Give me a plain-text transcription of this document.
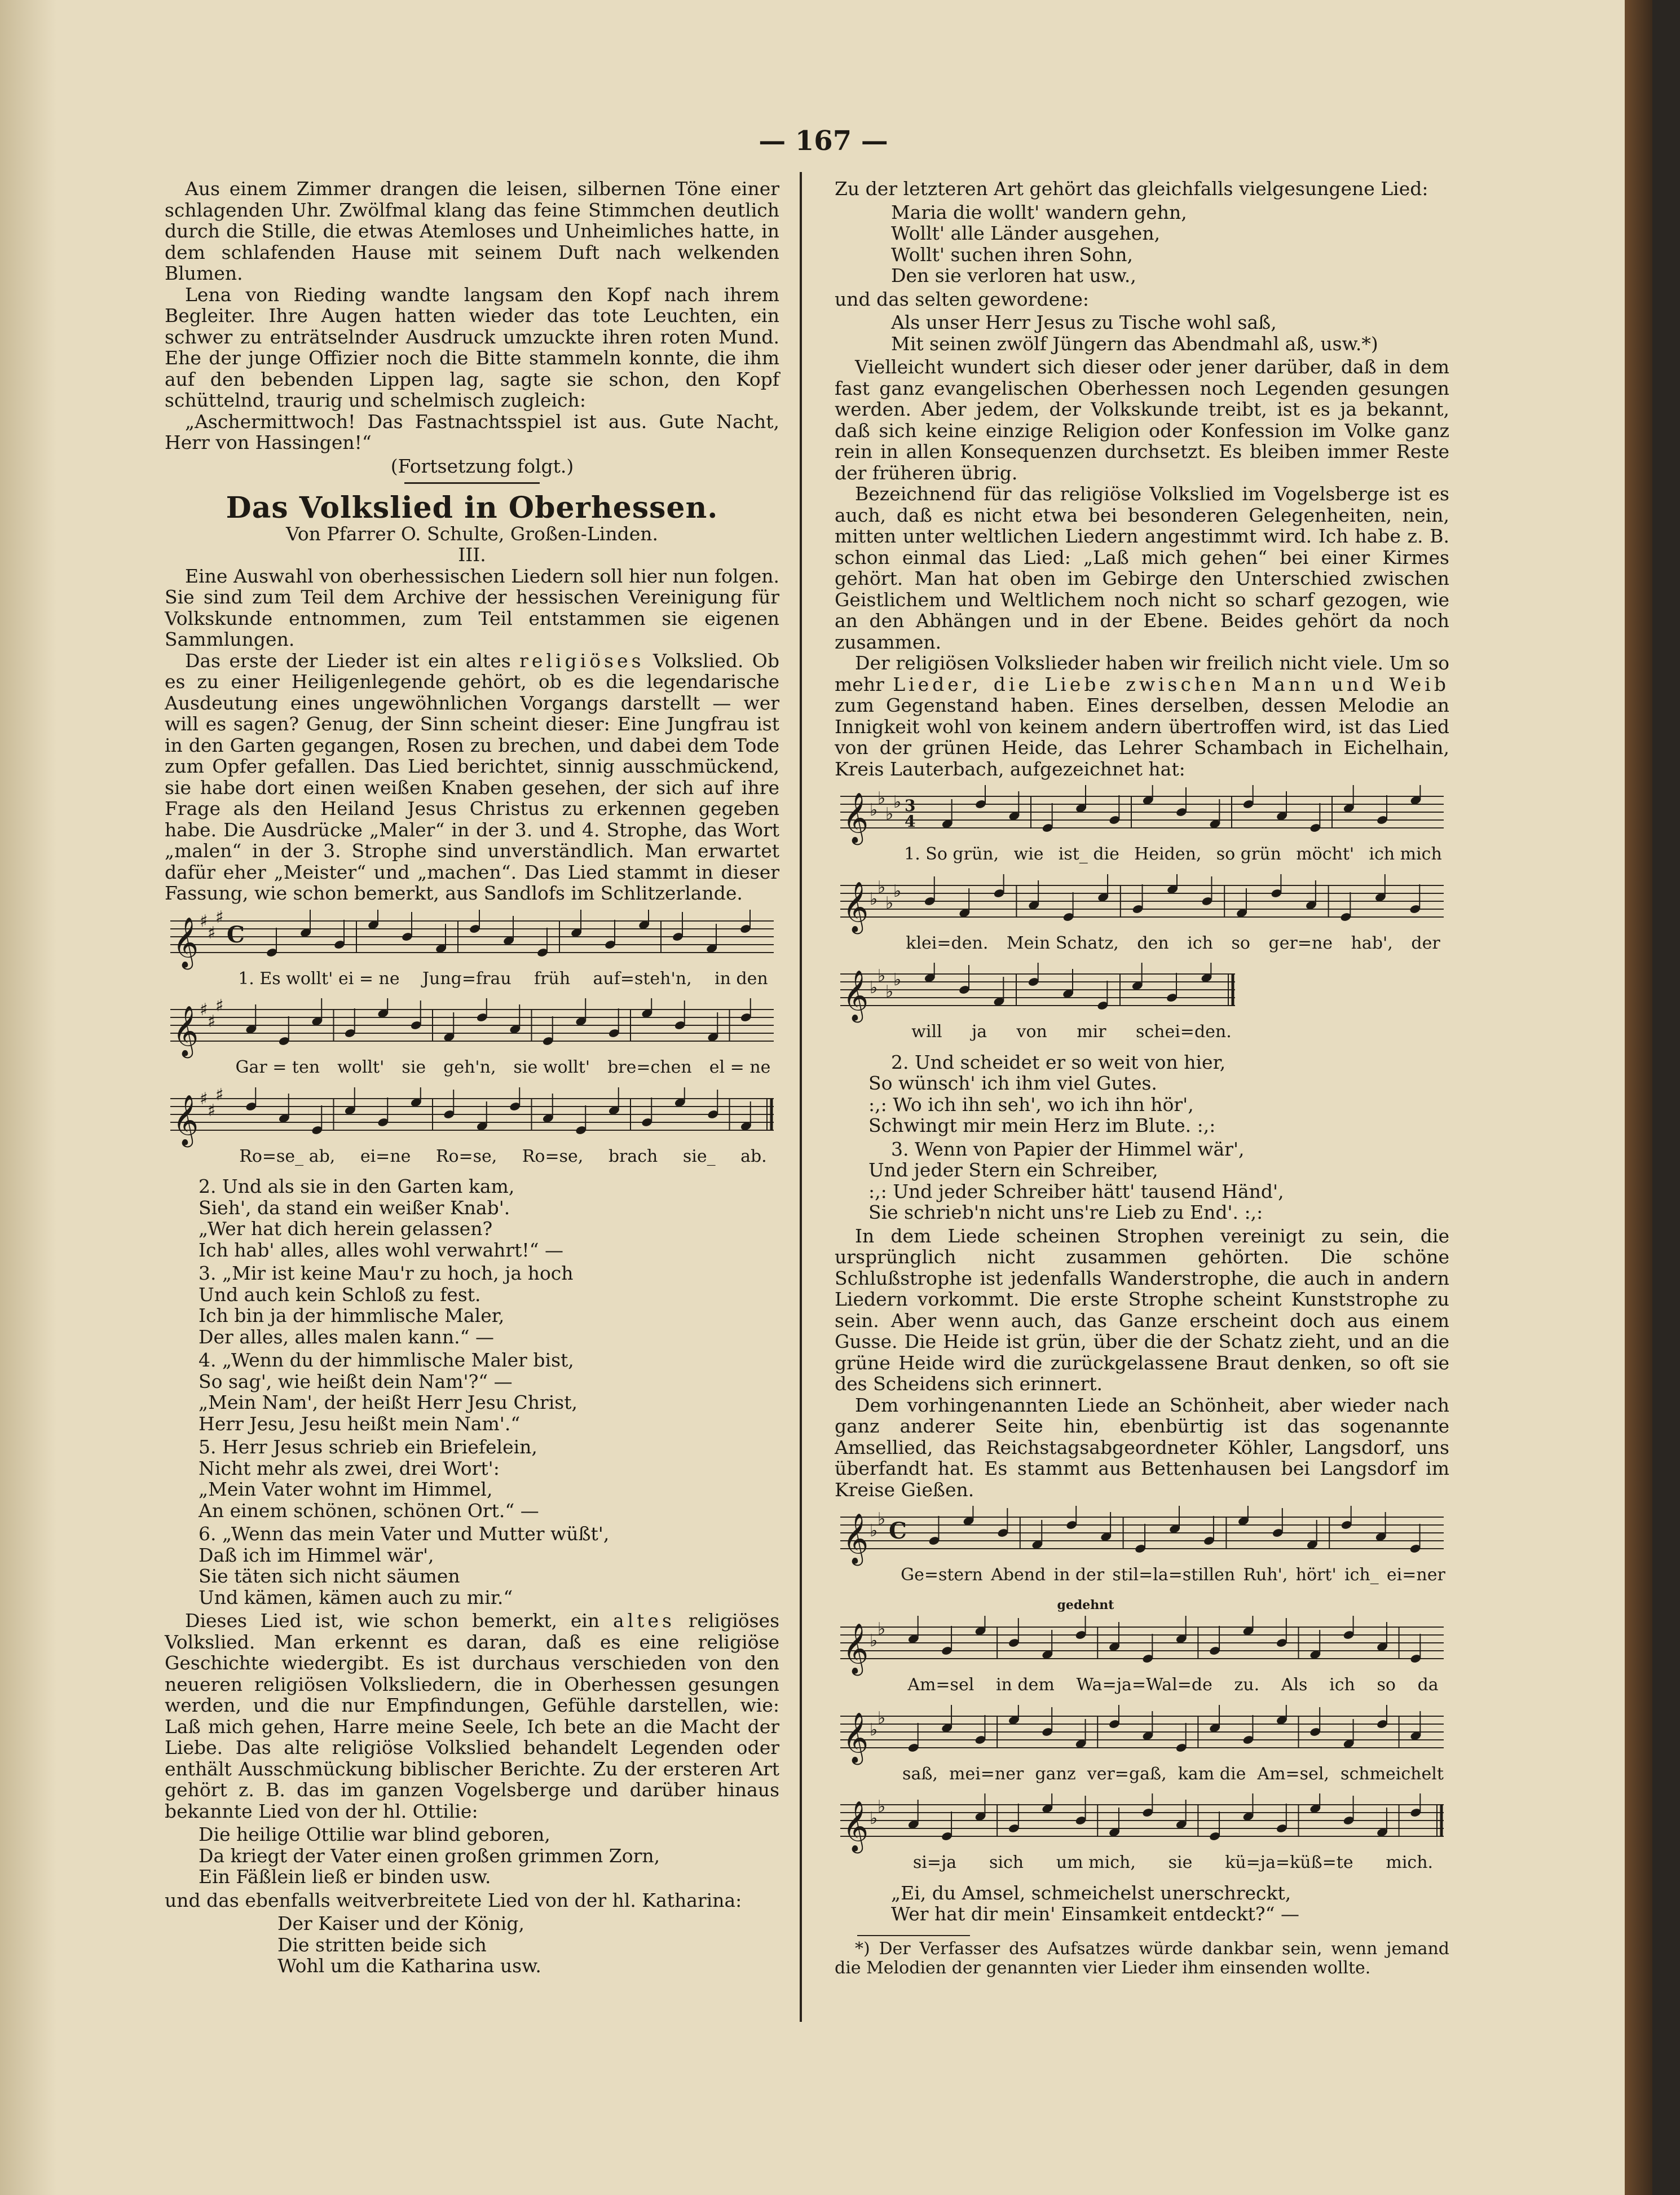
— 167 —

Aus einem Zimmer drangen die leisen, silbernen Töne einer schlagenden Uhr. Zwölfmal klang das feine Stimmchen deutlich durch die Stille, die etwas Atemloses und Unheimliches hatte, in dem schlafenden Hause mit seinem Duft nach welkenden Blumen.

Lena von Rieding wandte langsam den Kopf nach ihrem Begleiter. Ihre Augen hatten wieder das tote Leuchten, ein schwer zu enträtselnder Ausdruck umzuckte ihren roten Mund. Ehe der junge Offizier noch die Bitte stammeln konnte, die ihm auf den bebenden Lippen lag, sagte sie schon, den Kopf schüttelnd, traurig und schelmisch zugleich:

„Aschermittwoch! Das Fastnachtsspiel ist aus. Gute Nacht, Herr von Hassingen!“

(Fortsetzung folgt.)

Das Volkslied in Oberhessen.
Von Pfarrer O. Schulte, Großen-Linden.
III.

Eine Auswahl von oberhessischen Liedern soll hier nun folgen. Sie sind zum Teil dem Archive der hessischen Vereinigung für Volkskunde entnommen, zum Teil entstammen sie eigenen Sammlungen.

Das erste der Lieder ist ein altes religiöses Volkslied. Ob es zu einer Heiligenlegende gehört, ob es die legendarische Ausdeutung eines ungewöhnlichen Vorgangs darstellt — wer will es sagen? Genug, der Sinn scheint dieser: Eine Jungfrau ist in den Garten gegangen, Rosen zu brechen, und dabei dem Tode zum Opfer gefallen. Das Lied berichtet, sinnig ausschmückend, sie habe dort einen weißen Knaben gesehen, der sich auf ihre Frage als den Heiland Jesus Christus zu erkennen gegeben habe. Die Ausdrücke „Maler“ in der 3. und 4. Strophe, das Wort „malen“ in der 3. Strophe sind unverständlich. Man erwartet dafür eher „Meister“ und „machen“. Das Lied stammt in dieser Fassung, wie schon bemerkt, aus Sandlofs im Schlitzerlande.

𝄞 ♯
♯
♯
C
1. Es wollt' ei = ne Jung=frau früh auf=steh'n, in den
𝄞 ♯
♯
♯
Gar = ten wollt' sie geh'n, sie wollt' bre=chen el = ne
𝄞 ♯
♯
♯
Ro=se_ ab, ei=ne Ro=se, Ro=se, brach sie_ ab.
2. Und als sie in den Garten kam,
Sieh', da stand ein weißer Knab'.
„Wer hat dich herein gelassen?
Ich hab' alles, alles wohl verwahrt!“ —
3. „Mir ist keine Mau'r zu hoch, ja hoch
Und auch kein Schloß zu fest.
Ich bin ja der himmlische Maler,
Der alles, alles malen kann.“ —
4. „Wenn du der himmlische Maler bist,
So sag', wie heißt dein Nam'?“ —
„Mein Nam', der heißt Herr Jesu Christ,
Herr Jesu, Jesu heißt mein Nam'.“
5. Herr Jesus schrieb ein Briefelein,
Nicht mehr als zwei, drei Wort':
„Mein Vater wohnt im Himmel,
An einem schönen, schönen Ort.“ —
6. „Wenn das mein Vater und Mutter wüßt',
Daß ich im Himmel wär',
Sie täten sich nicht säumen
Und kämen, kämen auch zu mir.“

Dieses Lied ist, wie schon bemerkt, ein altes religiöses Volkslied. Man erkennt es daran, daß es eine religiöse Geschichte wiedergibt. Es ist durchaus verschieden von den neueren religiösen Volksliedern, die in Oberhessen gesungen werden, und die nur Empfindungen, Gefühle darstellen, wie: Laß mich gehen, Harre meine Seele, Ich bete an die Macht der Liebe. Das alte religiöse Volkslied behandelt Legenden oder enthält Ausschmückung biblischer Berichte. Zu der ersteren Art gehört z. B. das im ganzen Vogelsberge und darüber hinaus bekannte Lied von der hl. Ottilie:

Die heilige Ottilie war blind geboren,
Da kriegt der Vater einen großen grimmen Zorn,
Ein Fäßlein ließ er binden usw.

und das ebenfalls weitverbreitete Lied von der hl. Katharina:

Der Kaiser und der König,
Die stritten beide sich
Wohl um die Katharina usw.

Zu der letzteren Art gehört das gleichfalls vielgesungene Lied:

Maria die wollt' wandern gehn,
Wollt' alle Länder ausgehen,
Wollt' suchen ihren Sohn,
Den sie verloren hat usw.,

und das selten gewordene:

Als unser Herr Jesus zu Tische wohl saß,
Mit seinen zwölf Jüngern das Abendmahl aß, usw.*)

Vielleicht wundert sich dieser oder jener darüber, daß in dem fast ganz evangelischen Oberhessen noch Legenden gesungen werden. Aber jedem, der Volkskunde treibt, ist es ja bekannt, daß sich keine einzige Religion oder Konfession im Volke ganz rein in allen Konsequenzen durchsetzt. Es bleiben immer Reste der früheren übrig.

Bezeichnend für das religiöse Volkslied im Vogelsberge ist es auch, daß es nicht etwa bei besonderen Gelegenheiten, nein, mitten unter weltlichen Liedern angestimmt wird. Ich habe z. B. schon einmal das Lied: „Laß mich gehen“ bei einer Kirmes gehört. Man hat oben im Gebirge den Unterschied zwischen Geistlichem und Weltlichem noch nicht so scharf gezogen, wie an den Abhängen und in der Ebene. Beides gehört da noch zusammen.

Der religiösen Volkslieder haben wir freilich nicht viele. Um so mehr Lieder, die Liebe zwischen Mann und Weib zum Gegenstand haben. Eines derselben, dessen Melodie an Innigkeit wohl von keinem andern übertroffen wird, ist das Lied von der grünen Heide, das Lehrer Schambach in Eichelhain, Kreis Lauterbach, aufgezeichnet hat:

𝄞 ♭
♭
♭
♭ 3
4
1. So grün, wie ist_ die Heiden, so grün möcht' ich mich
𝄞 ♭
♭
♭
♭
klei=den. Mein Schatz, den ich so ger=ne hab', der
𝄞 ♭
♭
♭
♭
will ja von mir schei=den.
2. Und scheidet er so weit von hier,
So wünsch' ich ihm viel Gutes.
:,: Wo ich ihn seh', wo ich ihn hör',
Schwingt mir mein Herz im Blute. :,:
3. Wenn von Papier der Himmel wär',
Und jeder Stern ein Schreiber,
:,: Und jeder Schreiber hätt' tausend Händ',
Sie schrieb'n nicht uns're Lieb zu End'. :,:

In dem Liede scheinen Strophen vereinigt zu sein, die ursprünglich nicht zusammen gehörten. Die schöne Schlußstrophe ist jedenfalls Wanderstrophe, die auch in andern Liedern vorkommt. Die erste Strophe scheint Kunststrophe zu sein. Aber wenn auch, das Ganze erscheint doch aus einem Gusse. Die Heide ist grün, über die der Schatz zieht, und an die grüne Heide wird die zurückgelassene Braut denken, so oft sie des Scheidens sich erinnert.

Dem vorhingenannten Liede an Schönheit, aber wieder nach ganz anderer Seite hin, ebenbürtig ist das sogenannte Amsellied, das Reichstagsabgeordneter Köhler, Langsdorf, uns überfandt hat. Es stammt aus Bettenhausen bei Langsdorf im Kreise Gießen.

𝄞 ♭
♭ C
Ge=stern Abend in der stil=la=stillen Ruh', hört' ich_ ei=ner
gedehnt
𝄞 ♭
♭
Am=sel in dem Wa=ja=Wal=de zu. Als ich so da
𝄞 ♭
♭
saß, mei=ner ganz ver=gaß, kam die Am=sel, schmeichelt
𝄞 ♭
♭
si=ja sich um mich, sie kü=ja=küß=te mich.
„Ei, du Amsel, schmeichelst unerschreckt,
Wer hat dir mein' Einsamkeit entdeckt?“ —

*) Der Verfasser des Aufsatzes würde dankbar sein, wenn jemand die Melodien der genannten vier Lieder ihm einsenden wollte.
